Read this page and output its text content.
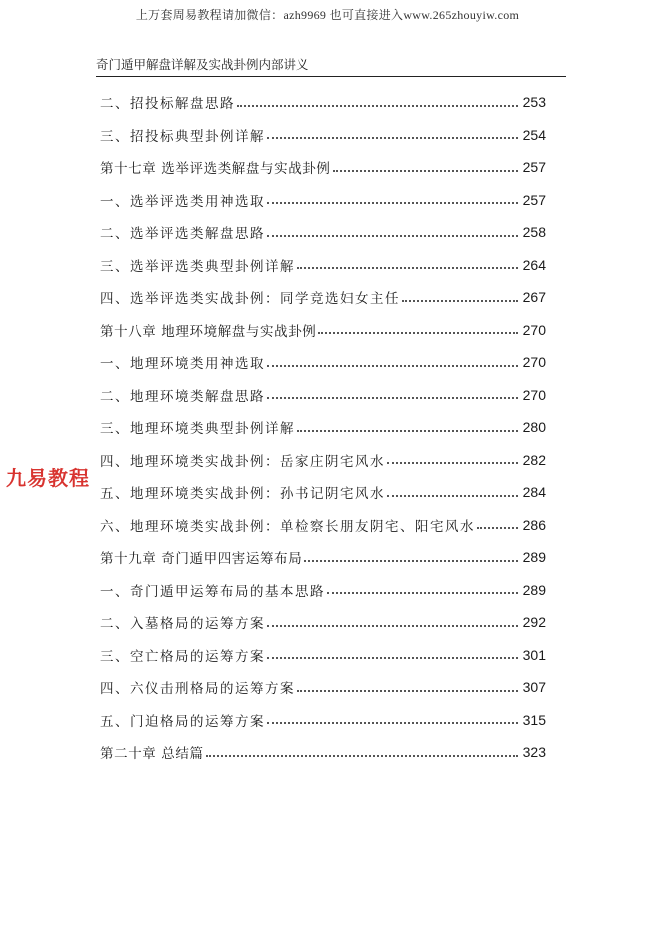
上万套周易教程请加微信：azh9969 也可直接进入www.265zhouyiw.com
奇门遁甲解盘详解及实战卦例内部讲义
二、招投标解盘思路	253
三、招投标典型卦例详解	254
第十七章 选举评选类解盘与实战卦例	257
一、选举评选类用神选取	257
二、选举评选类解盘思路	258
三、选举评选类典型卦例详解	264
四、选举评选类实战卦例：同学竞选妇女主任	267
第十八章 地理环境解盘与实战卦例	270
一、地理环境类用神选取	270
二、地理环境类解盘思路	270
三、地理环境类典型卦例详解	280
四、地理环境类实战卦例：岳家庄阴宅风水	282
五、地理环境类实战卦例：孙书记阴宅风水	284
六、地理环境类实战卦例：单检察长朋友阴宅、阳宅风水	286
第十九章 奇门遁甲四害运筹布局	289
一、奇门遁甲运筹布局的基本思路	289
二、入墓格局的运筹方案	292
三、空亡格局的运筹方案	301
四、六仪击刑格局的运筹方案	307
五、门迫格局的运筹方案	315
第二十章 总结篇	323
九易教程
